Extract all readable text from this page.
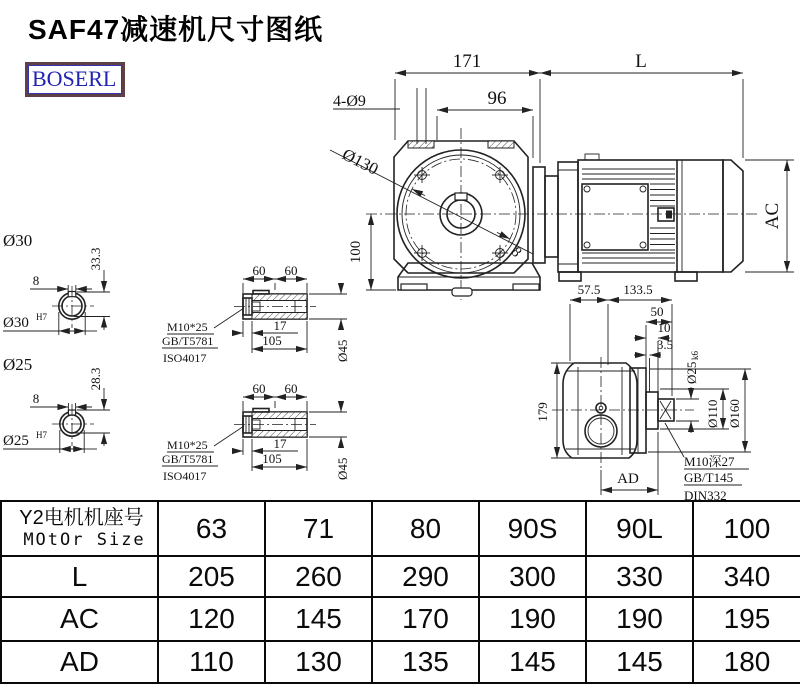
SAF47减速机尺寸图纸
BOSERL
171	L
96
4-Ø9
Ø130
8
100
AC
Ø30
8
33.3
Ø30 H7
Ø25
8
28.3
Ø25 H7
60 60
17
105	Ø45
M10*25
GB/T5781
ISO4017
60 60
17
105	Ø45
M10*25
GB/T5781
ISO4017
57.5 133.5
50
10
3.5
Ø25
k6
Ø110 Ø160
179
AD
M10深27
GB/T145
DIN332
Y2电机机座号
MOtOr Size	63	71	80	90S	90L	100
L	205	260	290	300	330	340
AC	120	145	170	190	190	195
AD	110	130	135	145	145	180
